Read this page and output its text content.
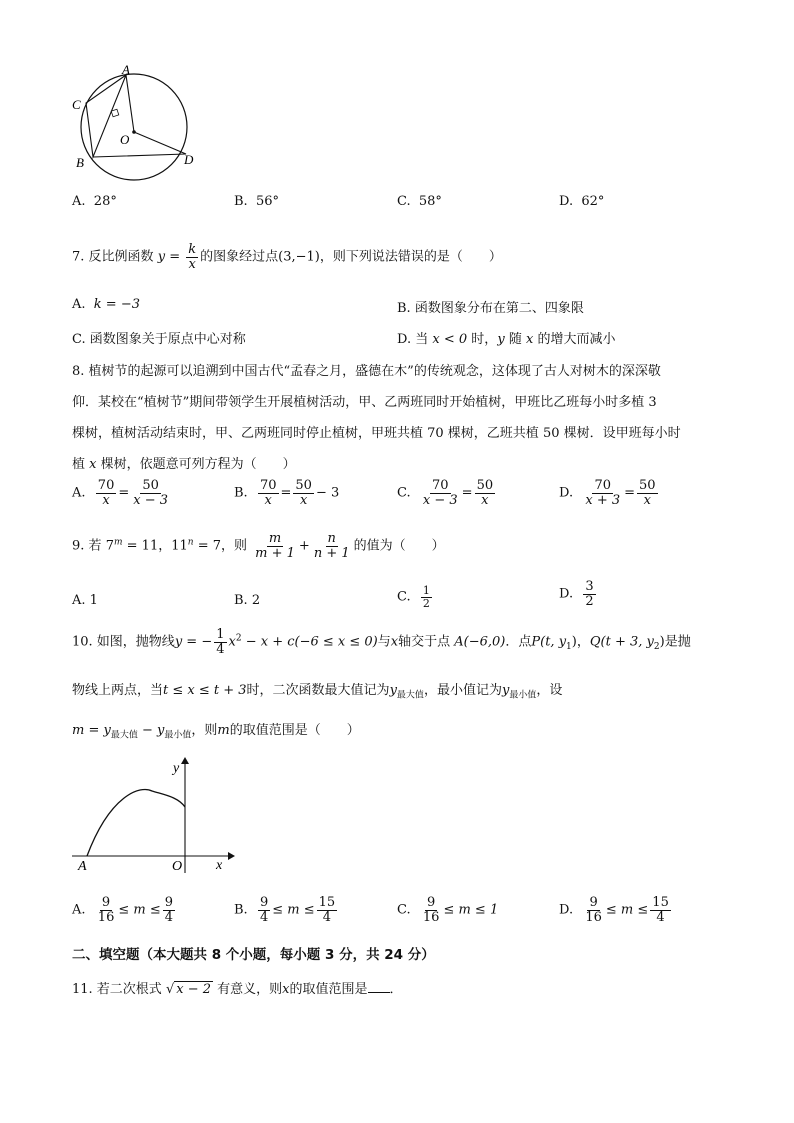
A
C
O
B	D
A. 28°	B. 56°	C. 58°	D. 62°
7. 反比例函数 $y = \frac{k}{x}$ 的图象经过点(3,−1)，则下列说法错误的是（　　）
A. k = −3	B. 函数图象分布在第二、四象限
C. 函数图象关于原点中心对称	D. 当 x < 0 时，y 随 x 的增大而减小
8. 植树节的起源可以追溯到中国古代“孟春之月，盛德在木”的传统观念，这体现了古人对树木的深深敬
仰．某校在“植树节”期间带领学生开展植树活动，甲、乙两班同时开始植树，甲班比乙班每小时多植 3
棵树，植树活动结束时，甲、乙两班同时停止植树，甲班共植 70 棵树，乙班共植 50 棵树．设甲班每小时
植 x 棵树，依题意可列方程为（　　）
A. $\frac{70}{x} = \frac{50}{x - 3}$	B. $\frac{70}{x} = \frac{50}{x} - 3$	C. $\frac{70}{x - 3} = \frac{50}{x}$	D. $\frac{70}{x + 3} = \frac{50}{x}$
9. 若 $7^m = 11$，$11^n = 7$，则 $\frac{m}{m + 1} + \frac{n}{n + 1}$ 的值为（　　）
A. 1	B. 2	C. $\frac{1}{2}$	D. $\frac{3}{2}$
10. 如图，抛物线y = − $\frac{1}{4} x^2 - x + c(-6 \le x \le 0)$与x轴交于点 A(−6,0)．点P(t, $y_1$)，Q(t + 3, $y_2$)是抛
物线上两点，当t ≤ x ≤ t + 3时，二次函数最大值记为$y_{最大值}$，最小值记为$y_{最小值}$，设
$m = y_{最大值} - y_{最小值}$，则m的取值范围是（　　）
y
x
A	O
A. $\frac{9}{16} \le m \le \frac{9}{4}$	B. $\frac{9}{4} \le m \le \frac{15}{4}$	C. $\frac{9}{16} \le m \le 1$	D. $\frac{9}{16} \le m \le \frac{15}{4}$
二、填空题（本大题共 8 个小题，每小题 3 分，共 24 分）
11. 若二次根式 √ x − 2 有意义，则x的取值范围是 ．
